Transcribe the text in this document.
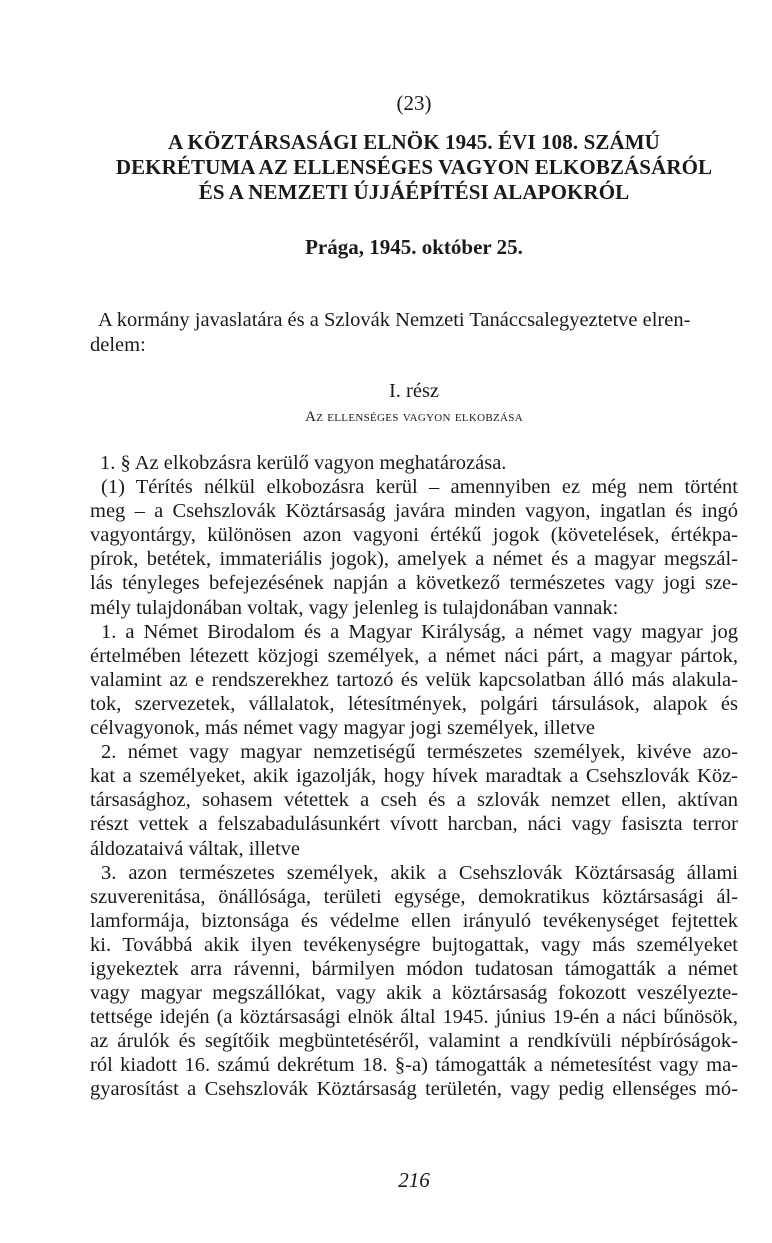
(23)
A KÖZTÁRSASÁGI ELNÖK 1945. ÉVI 108. SZÁMÚ
DEKRÉTUMA AZ ELLENSÉGES VAGYON ELKOBZÁSÁRÓL
ÉS A NEMZETI ÚJJÁÉPÍTÉSI ALAPOKRÓL
Prága, 1945. október 25.
A kormány javaslatára és a Szlovák Nemzeti Tanáccsalegyeztetve elren-
delem:
I. rész
Az ellenséges vagyon elkobzása
1. § Az elkobzásra kerülő vagyon meghatározása.
(1) Térítés nélkül elkobozásra kerül – amennyiben ez még nem történt
meg – a Csehszlovák Köztársaság javára minden vagyon, ingatlan és ingó
vagyontárgy, különösen azon vagyoni értékű jogok (követelések, értékpa-
pírok, betétek, immateriális jogok), amelyek a német és a magyar megszál-
lás tényleges befejezésének napján a következő természetes vagy jogi sze-
mély tulajdonában voltak, vagy jelenleg is tulajdonában vannak:
1. a Német Birodalom és a Magyar Királyság, a német vagy magyar jog
értelmében létezett közjogi személyek, a német náci párt, a magyar pártok,
valamint az e rendszerekhez tartozó és velük kapcsolatban álló más alakula-
tok, szervezetek, vállalatok, létesítmények, polgári társulások, alapok és
célvagyonok, más német vagy magyar jogi személyek, illetve
2. német vagy magyar nemzetiségű természetes személyek, kivéve azo-
kat a személyeket, akik igazolják, hogy hívek maradtak a Csehszlovák Köz-
társasághoz, sohasem vétettek a cseh és a szlovák nemzet ellen, aktívan
részt vettek a felszabadulásunkért vívott harcban, náci vagy fasiszta terror
áldozataivá váltak, illetve
3. azon természetes személyek, akik a Csehszlovák Köztársaság állami
szuverenitása, önállósága, területi egysége, demokratikus köztársasági ál-
lamformája, biztonsága és védelme ellen irányuló tevékenységet fejtettek
ki. Továbbá akik ilyen tevékenységre bujtogattak, vagy más személyeket
igyekeztek arra rávenni, bármilyen módon tudatosan támogatták a német
vagy magyar megszállókat, vagy akik a köztársaság fokozott veszélyezte-
tettsége idején (a köztársasági elnök által 1945. június 19-én a náci bűnösök,
az árulók és segítőik megbüntetéséről, valamint a rendkívüli népbíróságok-
ról kiadott 16. számú dekrétum 18. §-a) támogatták a németesítést vagy ma-
gyarosítást a Csehszlovák Köztársaság területén, vagy pedig ellenséges mó-
216
